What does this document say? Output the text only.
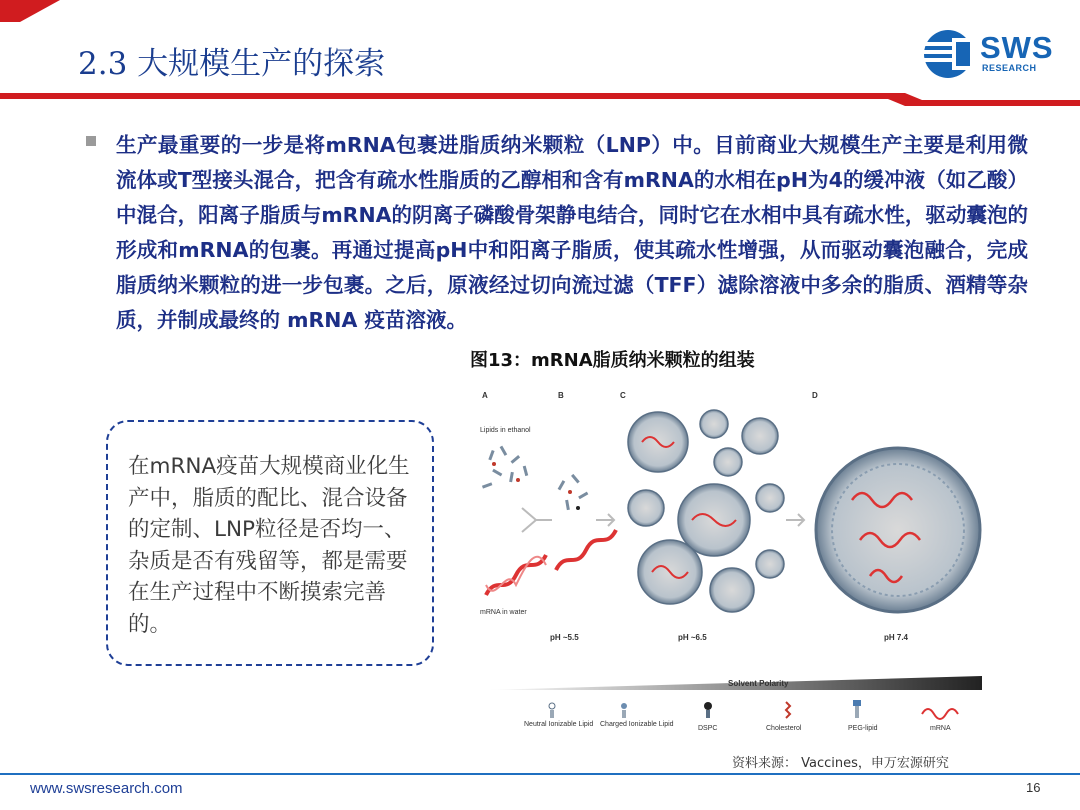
2.3 大规模生产的探索	SWS
RESEARCH
生产最重要的一步是将mRNA包裹进脂质纳米颗粒（LNP）中。目前商业大规模生产主要是利用微流体或T型接头混合，把含有疏水性脂质的乙醇相和含有mRNA的水相在pH为4的缓冲液（如乙酸）中混合，阳离子脂质与mRNA的阴离子磷酸骨架静电结合，同时它在水相中具有疏水性，驱动囊泡的形成和mRNA的包裹。再通过提高pH中和阳离子脂质，使其疏水性增强，从而驱动囊泡融合，完成脂质纳米颗粒的进一步包裹。之后，原液经过切向流过滤（TFF）滤除溶液中多余的脂质、酒精等杂质，并制成最终的 mRNA 疫苗溶液。
图13：mRNA脂质纳米颗粒的组装
在mRNA疫苗大规模商业化生产中，脂质的配比、混合设备的定制、LNP粒径是否均一、杂质是否有残留等，都是需要在生产过程中不断摸索完善的。
A	B	C	D
Lipids in ethanol
mRNA in water
pH ~5.5	pH ~6.5	pH 7.4
Solvent Polarity
Neutral Ionizable Lipid Charged Ionizable Lipid
DSPC	Cholesterol	PEG-lipid	mRNA
资料来源： Vaccines，申万宏源研究
www.swsresearch.com	16
